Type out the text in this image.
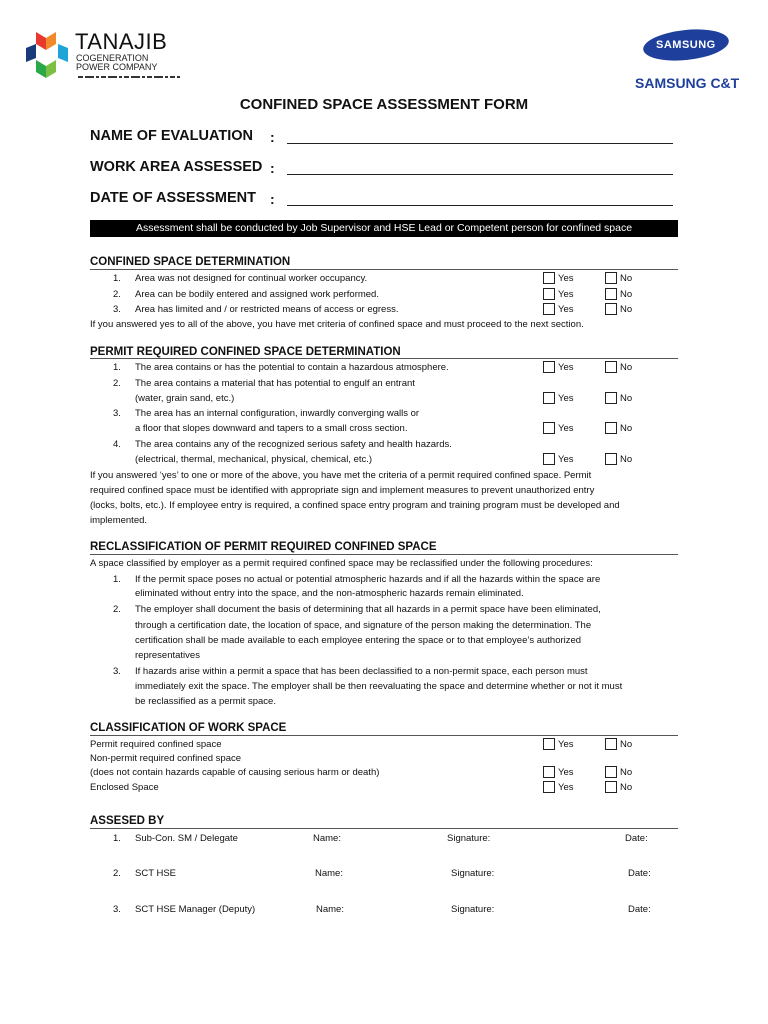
TANAJIB
COGENERATION
POWER COMPANY
SAMSUNG
SAMSUNG C&T
CONFINED SPACE ASSESSMENT FORM
NAME OF EVALUATION :
WORK AREA ASSESSED :
DATE OF ASSESSMENT :
Assessment shall be conducted by Job Supervisor and HSE Lead or Competent person for confined space
CONFINED SPACE DETERMINATION
1. Area was not designed for continual worker occupancy.	Yes	No
2. Area can be bodily entered and assigned work performed.	Yes	No
3. Area has limited and / or restricted means of access or egress.	Yes	No
If you answered yes to all of the above, you have met criteria of confined space and must proceed to the next section.
PERMIT REQUIRED CONFINED SPACE DETERMINATION
1. The area contains or has the potential to contain a hazardous atmosphere.	Yes	No
2. The area contains a material that has potential to engulf an entrant
(water, grain sand, etc.)	Yes	No
3. The area has an internal configuration, inwardly converging walls or
a floor that slopes downward and tapers to a small cross section.	Yes	No
4. The area contains any of the recognized serious safety and health hazards.
(electrical, thermal, mechanical, physical, chemical, etc.)	Yes	No
If you answered ‘yes’ to one or more of the above, you have met the criteria of a permit required confined space. Permit
required confined space must be identified with appropriate sign and implement measures to prevent unauthorized entry
(locks, bolts, etc.). If employee entry is required, a confined space entry program and training program must be developed and
implemented.
RECLASSIFICATION OF PERMIT REQUIRED CONFINED SPACE
A space classified by employer as a permit required confined space may be reclassified under the following procedures:
1. If the permit space poses no actual or potential atmospheric hazards and if all the hazards within the space are
eliminated without entry into the space, and the non-atmospheric hazards remain eliminated.
2. The employer shall document the basis of determining that all hazards in a permit space have been eliminated,
through a certification date, the location of space, and signature of the person making the determination. The
certification shall be made available to each employee entering the space or to that employee’s authorized
representatives
3. If hazards arise within a permit a space that has been declassified to a non-permit space, each person must
immediately exit the space. The employer shall be then reevaluating the space and determine whether or not it must
be reclassified as a permit space.
CLASSIFICATION OF WORK SPACE
Permit required confined space	Yes	No
Non-permit required confined space
(does not contain hazards capable of causing serious harm or death)	Yes	No
Enclosed Space	Yes	No
ASSESED BY
1. Sub-Con. SM / Delegate	Name:	Signature:	Date:
2. SCT HSE	Name:	Signature:	Date:
3. SCT HSE Manager (Deputy)	Name:	Signature:	Date:
